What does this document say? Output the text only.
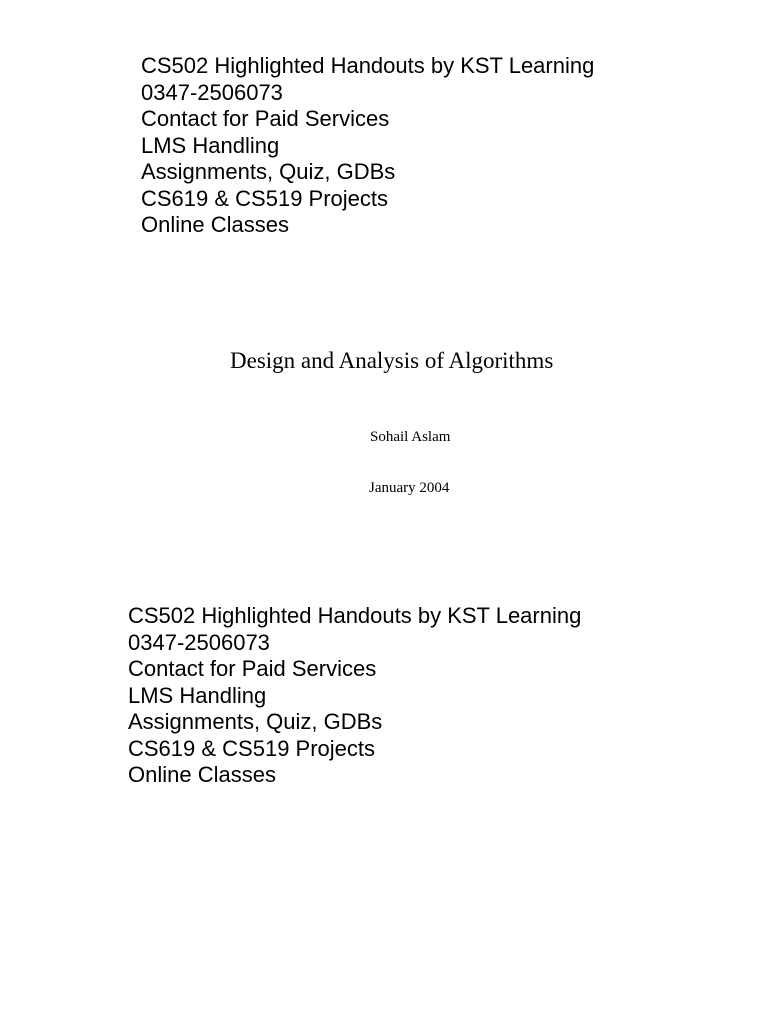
CS502 Highlighted Handouts by KST Learning
0347-2506073
Contact for Paid Services
LMS Handling
Assignments, Quiz, GDBs
CS619 & CS519 Projects
Online Classes
Design and Analysis of Algorithms
Sohail Aslam
January 2004
CS502 Highlighted Handouts by KST Learning
0347-2506073
Contact for Paid Services
LMS Handling
Assignments, Quiz, GDBs
CS619 & CS519 Projects
Online Classes
